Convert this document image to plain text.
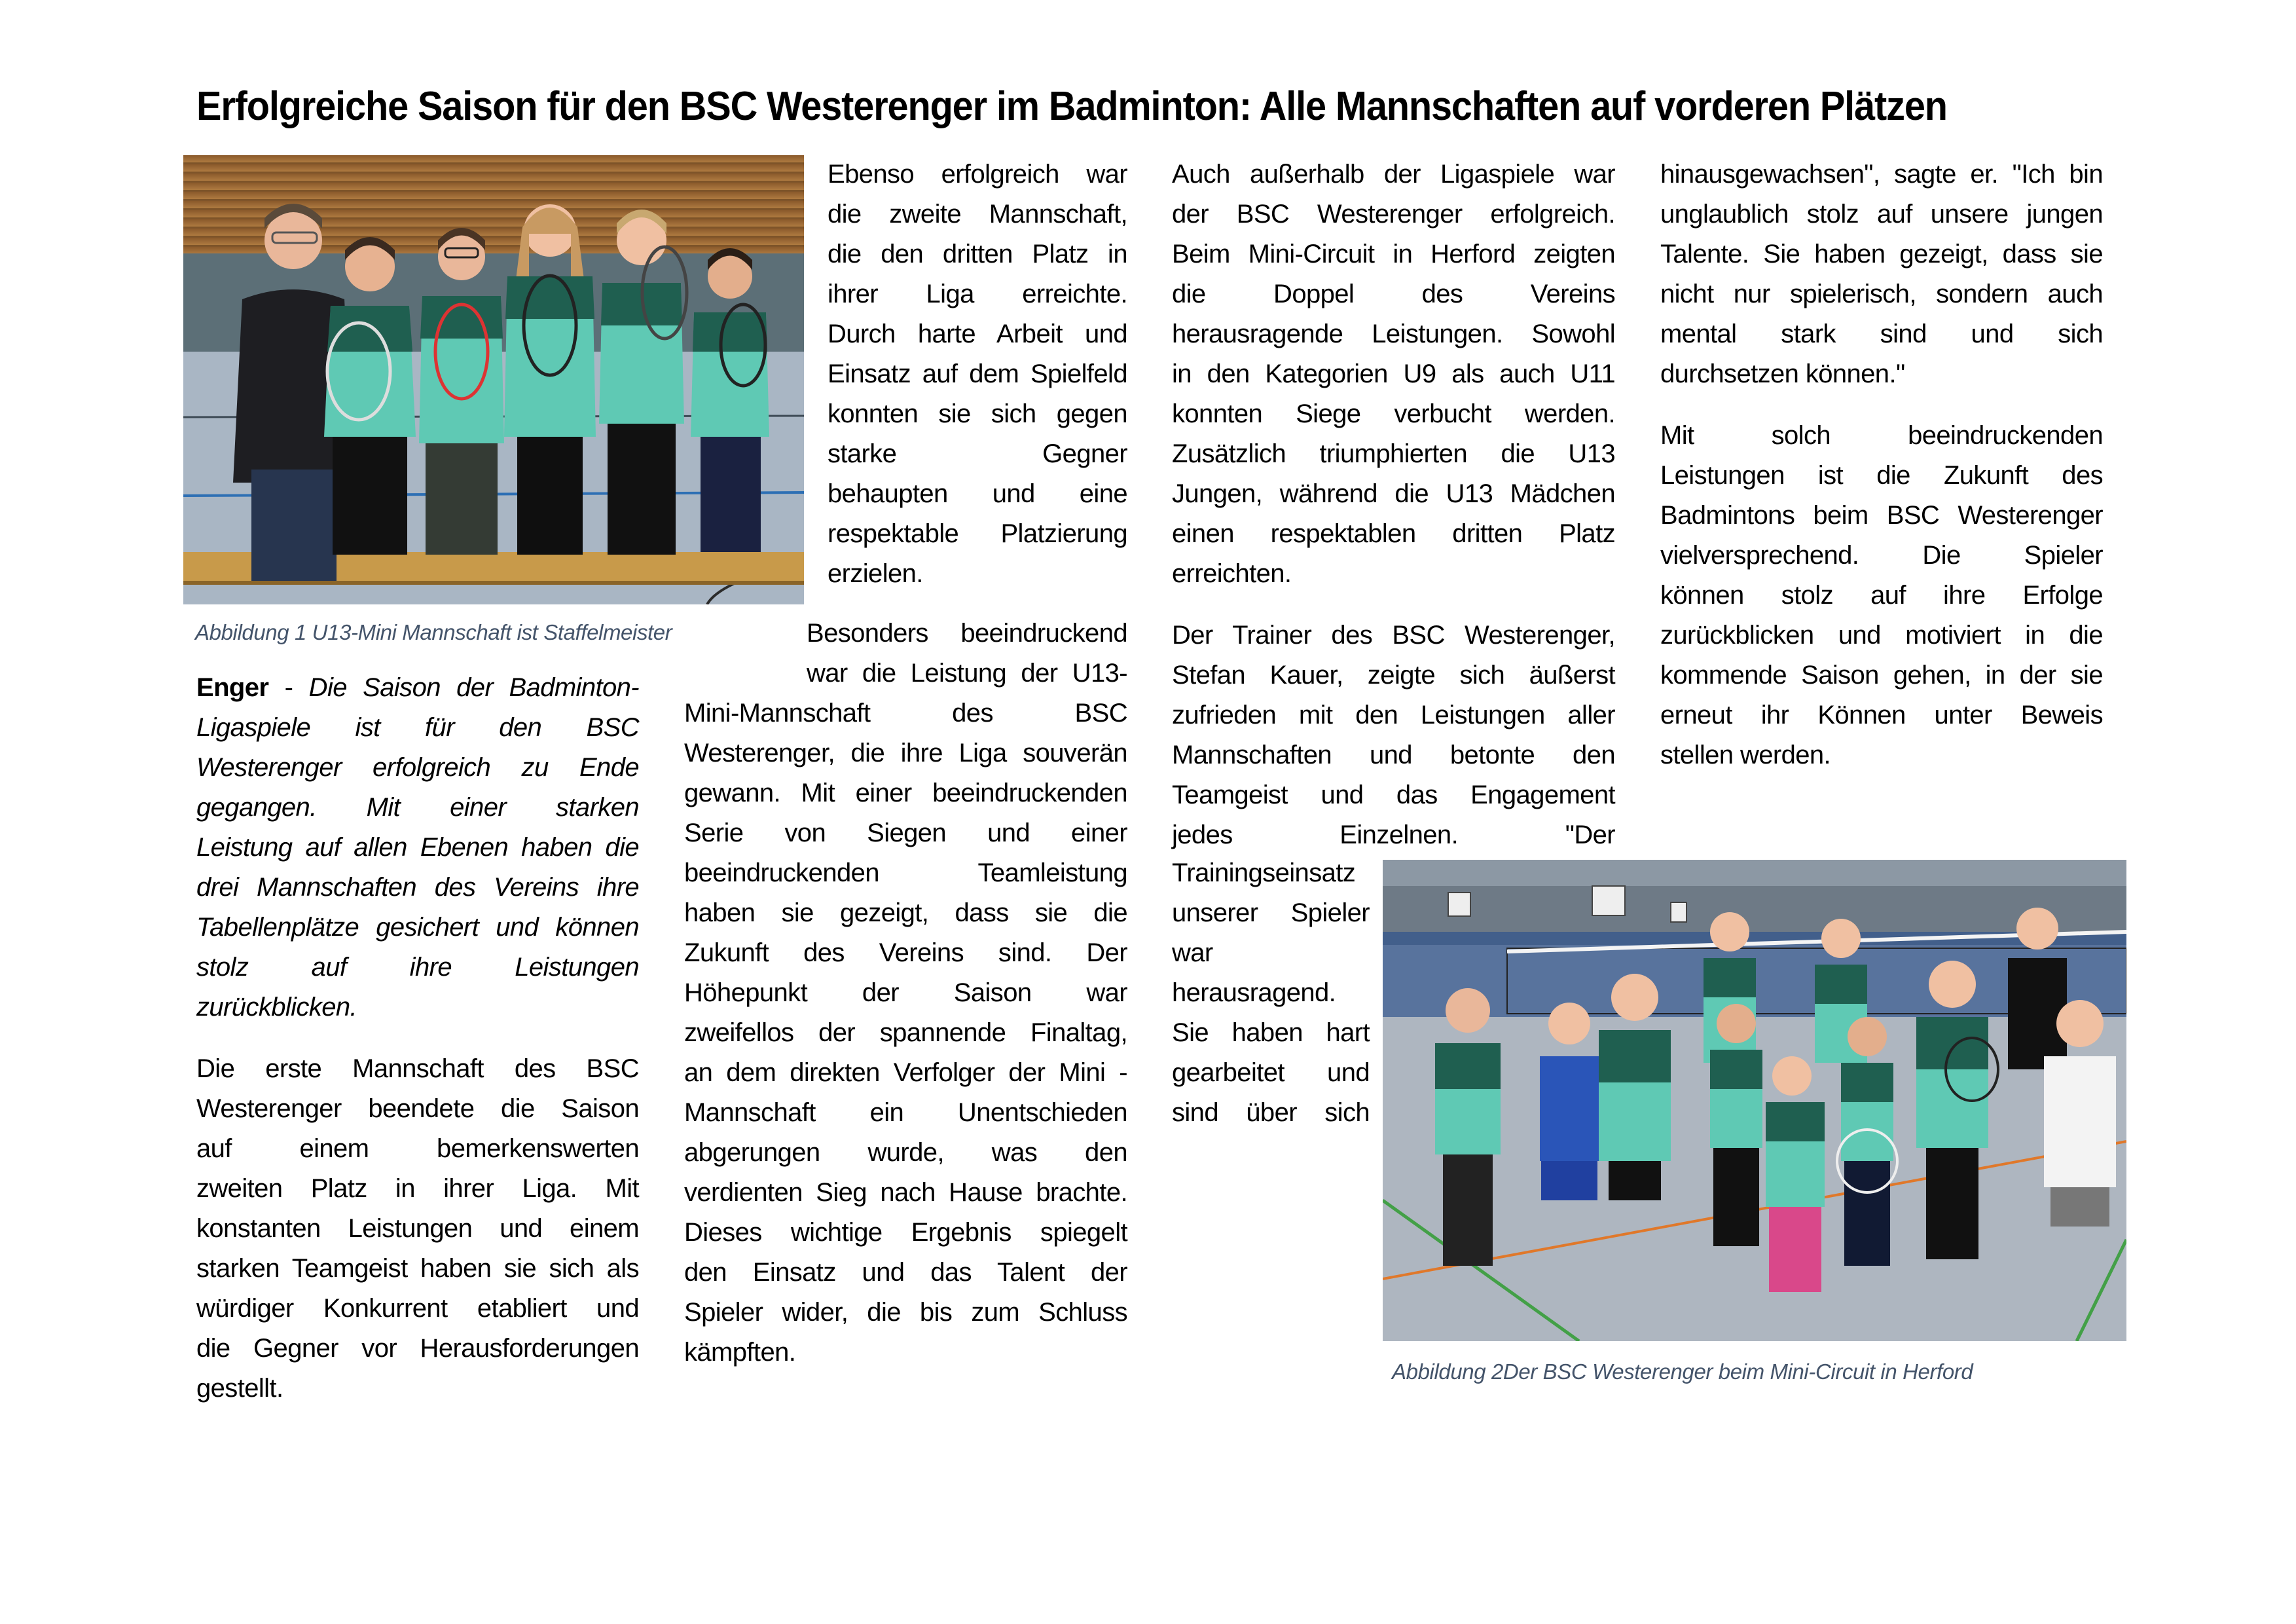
Erfolgreiche Saison für den BSC Westerenger im Badminton: Alle Mannschaften auf vorderen Plätzen
Abbildung 1 U13-Mini Mannschaft ist Staffelmeister
Abbildung 2Der BSC Westerenger beim Mini-Circuit in Herford

Enger - Die Saison der Badminton-
Ligaspiele ist für den BSC
Westerenger erfolgreich zu Ende
gegangen. Mit einer starken
Leistung auf allen Ebenen haben die
drei Mannschaften des Vereins ihre
Tabellenplätze gesichert und können
stolz auf ihre Leistungen
zurückblicken.

Die erste Mannschaft des BSC
Westerenger beendete die Saison
auf einem bemerkenswerten
zweiten Platz in ihrer Liga. Mit
konstanten Leistungen und einem
starken Teamgeist haben sie sich als
würdiger Konkurrent etabliert und
die Gegner vor Herausforderungen
gestellt.

Ebenso erfolgreich war
die zweite Mannschaft,
die den dritten Platz in
ihrer Liga erreichte.
Durch harte Arbeit und
Einsatz auf dem Spielfeld
konnten sie sich gegen
starke Gegner
behaupten und eine
respektable Platzierung
erzielen.

Besonders beeindruckend
war die Leistung der U13-

Mini-Mannschaft des BSC
Westerenger, die ihre Liga souverän
gewann. Mit einer beeindruckenden
Serie von Siegen und einer
beeindruckenden Teamleistung
haben sie gezeigt, dass sie die
Zukunft des Vereins sind. Der
Höhepunkt der Saison war
zweifellos der spannende Finaltag,
an dem direkten Verfolger der Mini -
Mannschaft ein Unentschieden
abgerungen wurde, was den
verdienten Sieg nach Hause brachte.
Dieses wichtige Ergebnis spiegelt
den Einsatz und das Talent der
Spieler wider, die bis zum Schluss
kämpften.

Auch außerhalb der Ligaspiele war
der BSC Westerenger erfolgreich.
Beim Mini-Circuit in Herford zeigten
die Doppel des Vereins
herausragende Leistungen. Sowohl
in den Kategorien U9 als auch U11
konnten Siege verbucht werden.
Zusätzlich triumphierten die U13
Jungen, während die U13 Mädchen
einen respektablen dritten Platz
erreichten.

Der Trainer des BSC Westerenger,
Stefan Kauer, zeigte sich äußerst
zufrieden mit den Leistungen aller
Mannschaften und betonte den
Teamgeist und das Engagement
jedes Einzelnen. "Der

Trainingseinsatz
unserer Spieler
war
herausragend.
Sie haben hart
gearbeitet und
sind über sich

hinausgewachsen", sagte er. "Ich bin
unglaublich stolz auf unsere jungen
Talente. Sie haben gezeigt, dass sie
nicht nur spielerisch, sondern auch
mental stark sind und sich
durchsetzen können."

Mit solch beeindruckenden
Leistungen ist die Zukunft des
Badmintons beim BSC Westerenger
vielversprechend. Die Spieler
können stolz auf ihre Erfolge
zurückblicken und motiviert in die
kommende Saison gehen, in der sie
erneut ihr Können unter Beweis
stellen werden.
